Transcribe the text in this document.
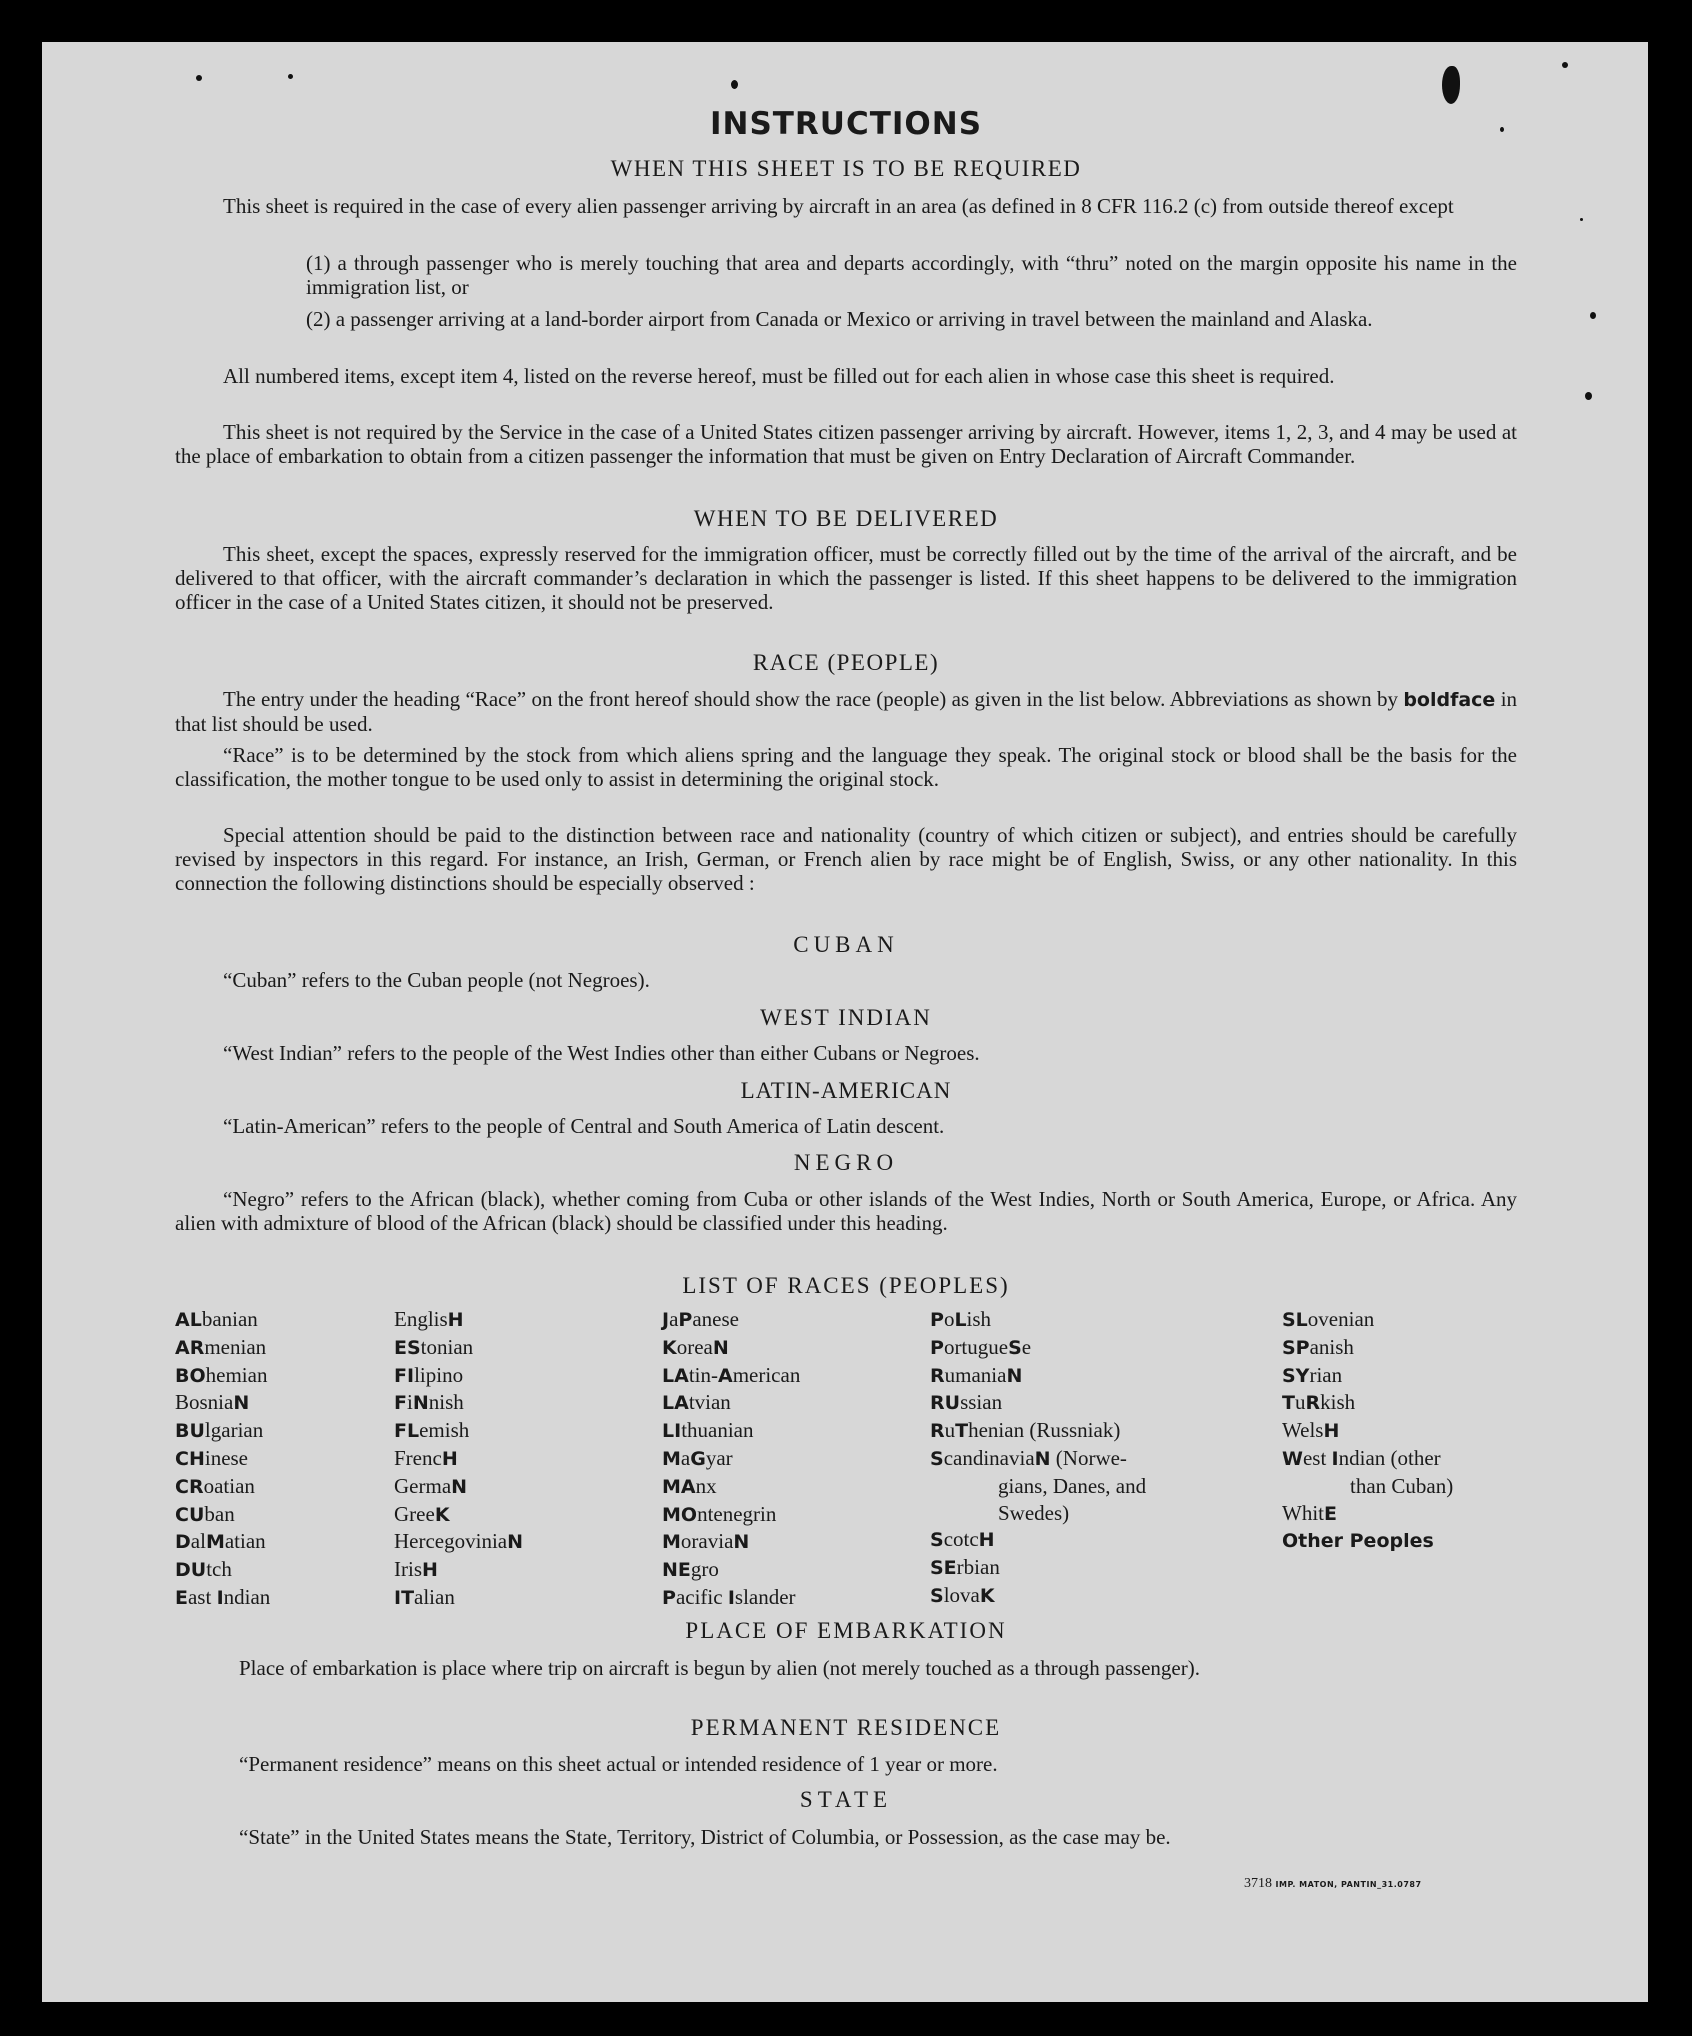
INSTRUCTIONS
WHEN THIS SHEET IS TO BE REQUIRED
This sheet is required in the case of every alien passenger arriving by aircraft in an area (as defined in 8 CFR 116.2 (c) from outside thereof except
(1) a through passenger who is merely touching that area and departs accordingly, with “thru” noted on the margin opposite his name in the immigration list, or
(2) a passenger arriving at a land-border airport from Canada or Mexico or arriving in travel between the mainland and Alaska.
All numbered items, except item 4, listed on the reverse hereof, must be filled out for each alien in whose case this sheet is required.
This sheet is not required by the Service in the case of a United States citizen passenger arriving by aircraft. However, items 1, 2, 3, and 4 may be used at the place of embarkation to obtain from a citizen passenger the information that must be given on Entry Declaration of Aircraft Commander.
WHEN TO BE DELIVERED
This sheet, except the spaces, expressly reserved for the immigration officer, must be correctly filled out by the time of the arrival of the aircraft, and be delivered to that officer, with the aircraft commander’s declaration in which the passenger is listed. If this sheet happens to be delivered to the immigration officer in the case of a United States citizen, it should not be preserved.
RACE (PEOPLE)
The entry under the heading “Race” on the front hereof should show the race (people) as given in the list below. Abbreviations as shown by boldface in that list should be used.
“Race” is to be determined by the stock from which aliens spring and the language they speak. The original stock or blood shall be the basis for the classification, the mother tongue to be used only to assist in determining the original stock.
Special attention should be paid to the distinction between race and nationality (country of which citizen or subject), and entries should be carefully revised by inspectors in this regard. For instance, an Irish, German, or French alien by race might be of English, Swiss, or any other nationality. In this connection the following distinctions should be especially observed :
CUBAN
“Cuban” refers to the Cuban people (not Negroes).
WEST INDIAN
“West Indian” refers to the people of the West Indies other than either Cubans or Negroes.
LATIN-AMERICAN
“Latin-American” refers to the people of Central and South America of Latin descent.
NEGRO
“Negro” refers to the African (black), whether coming from Cuba or other islands of the West Indies, North or South America, Europe, or Africa. Any alien with admixture of blood of the African (black) should be classified under this heading.
LIST OF RACES (PEOPLES)
ALbanian
ARmenian
BOhemian
BosniaN
BUlgarian
CHinese
CRoatian
CUban
DalMatian
DUtch
East Indian
EnglisH
EStonian
FIlipino
FiNnish
FLemish
FrencH
GermaN
GreeK
HercegoviniaN
IrisH
ITalian
JaPanese
KoreaN
LAtin-American
LAtvian
LIthuanian
MaGyar
MAnx
MOntenegrin
MoraviaN
NEgro
Pacific Islander
PoLish
PortugueSe
RumaniaN
RUssian
RuThenian (Russniak)
ScandinaviaN (Norwe-
gians, Danes, and
Swedes)
ScotcH
SErbian
SlovaK
SLovenian
SPanish
SYrian
TuRkish
WelsH
West Indian (other
than Cuban)
WhitE
Other Peoples
PLACE OF EMBARKATION
Place of embarkation is place where trip on aircraft is begun by alien (not merely touched as a through passenger).
PERMANENT RESIDENCE
“Permanent residence” means on this sheet actual or intended residence of 1 year or more.
STATE
“State” in the United States means the State, Territory, District of Columbia, or Possession, as the case may be.
3718 IMP. MATON, PANTIN_31.0787
